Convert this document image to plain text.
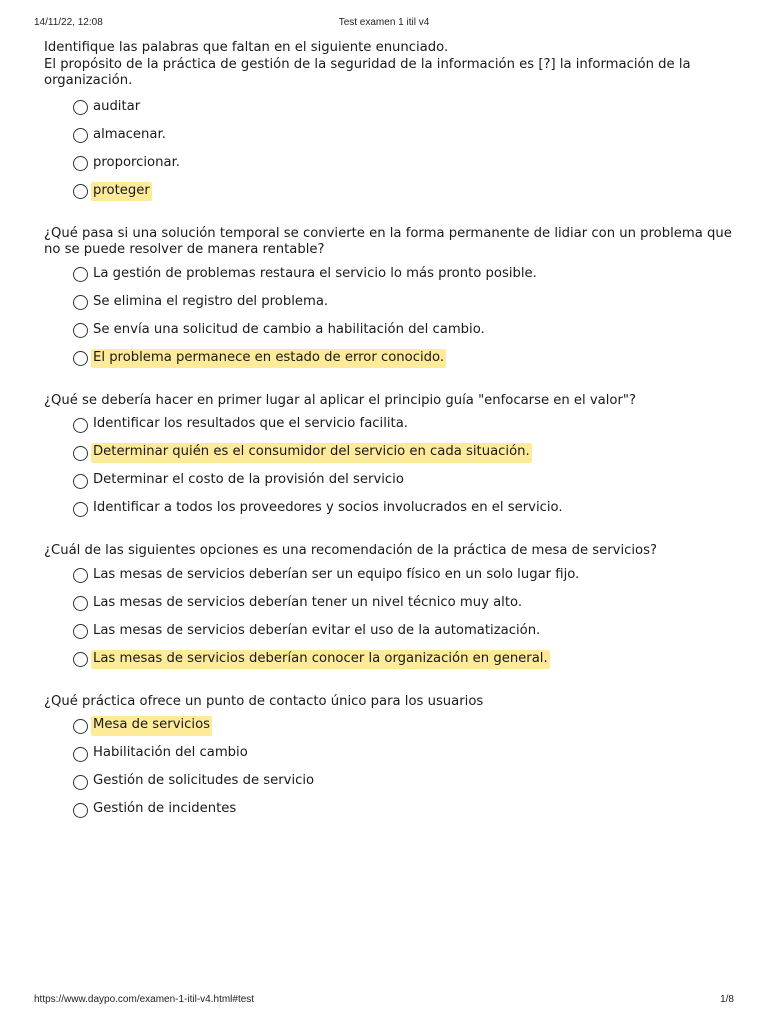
14/11/22, 12:08	Test examen 1 itil v4

Identifique las palabras que faltan en el siguiente enunciado.
El propósito de la práctica de gestión de la seguridad de la información es [?] la información de la organización.

auditar
almacenar.
proporcionar.
proteger

¿Qué pasa si una solución temporal se convierte en la forma permanente de lidiar con un problema que no se puede resolver de manera rentable?

La gestión de problemas restaura el servicio lo más pronto posible.
Se elimina el registro del problema.
Se envía una solicitud de cambio a habilitación del cambio.
El problema permanece en estado de error conocido.

¿Qué se debería hacer en primer lugar al aplicar el principio guía "enfocarse en el valor"?

Identificar los resultados que el servicio facilita.
Determinar quién es el consumidor del servicio en cada situación.
Determinar el costo de la provisión del servicio
Identificar a todos los proveedores y socios involucrados en el servicio.

¿Cuál de las siguientes opciones es una recomendación de la práctica de mesa de servicios?

Las mesas de servicios deberían ser un equipo físico en un solo lugar fijo.
Las mesas de servicios deberían tener un nivel técnico muy alto.
Las mesas de servicios deberían evitar el uso de la automatización.
Las mesas de servicios deberían conocer la organización en general.

¿Qué práctica ofrece un punto de contacto único para los usuarios

Mesa de servicios
Habilitación del cambio
Gestión de solicitudes de servicio
Gestión de incidentes
https://www.daypo.com/examen-1-itil-v4.html#test	1/8
